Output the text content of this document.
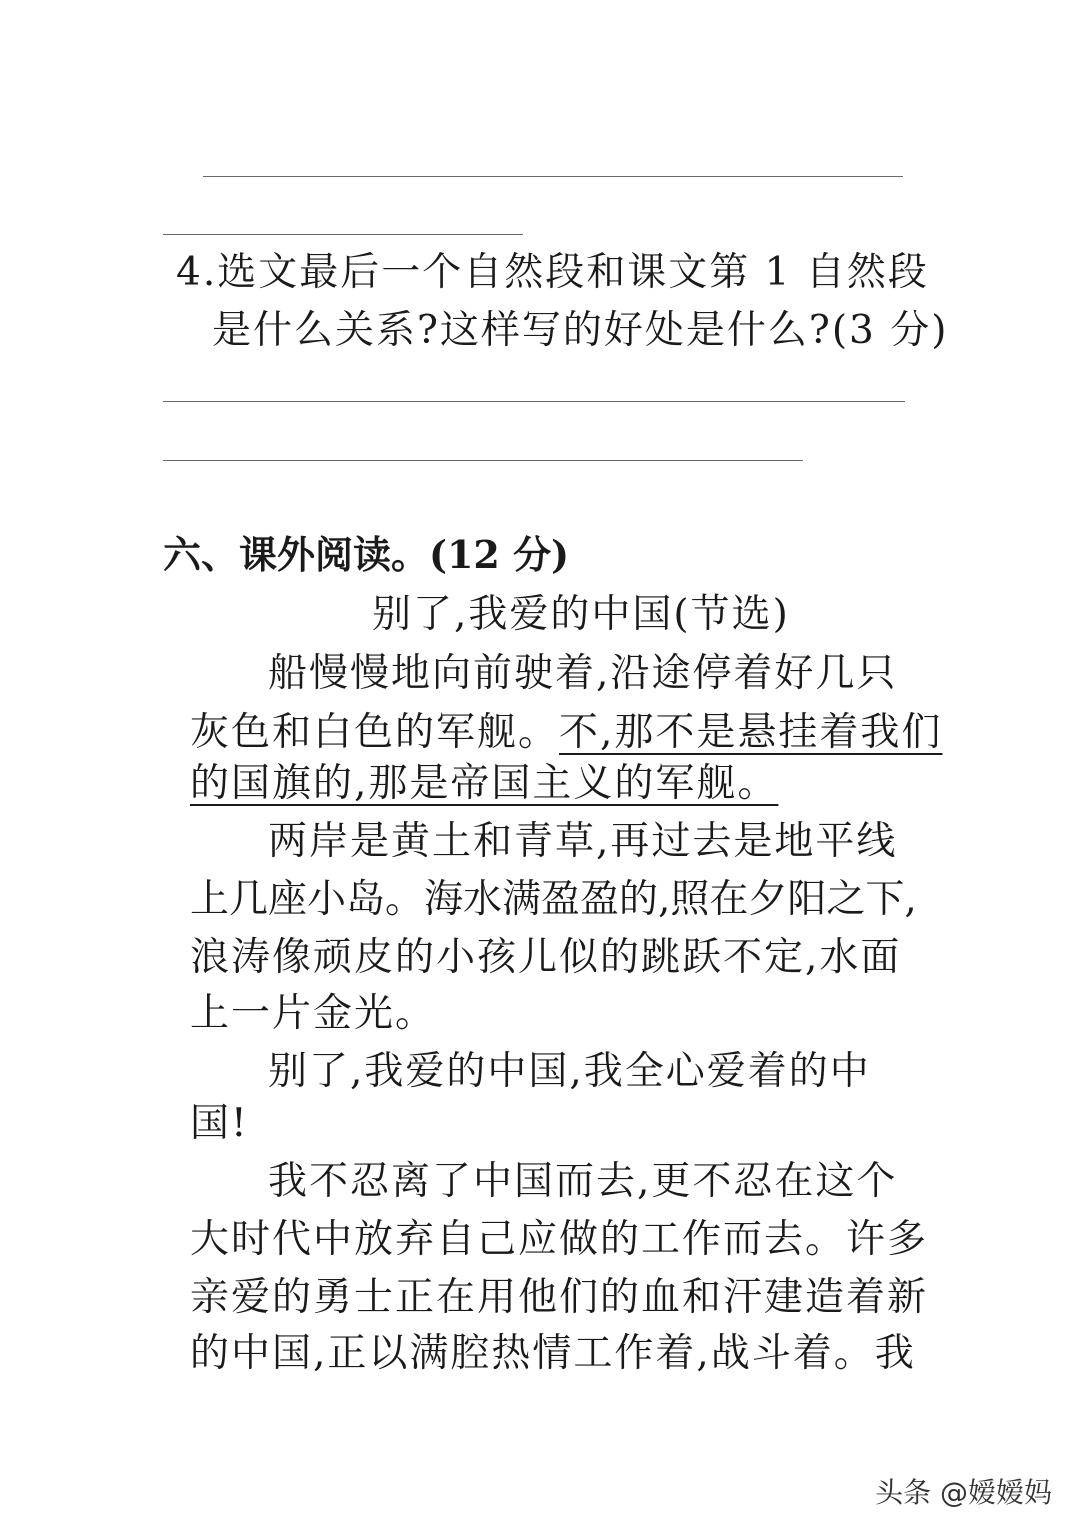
4.选文最后一个自然段和课文第 1 自然段
是什么关系?这样写的好处是什么?(3 分)
六、课外阅读。(12 分)
别了,我爱的中国(节选)
船慢慢地向前驶着,沿途停着好几只
灰色和白色的军舰。不,那不是悬挂着我们
的国旗的,那是帝国主义的军舰。
两岸是黄土和青草,再过去是地平线
上几座小岛。海水满盈盈的,照在夕阳之下,
浪涛像顽皮的小孩儿似的跳跃不定,水面
上一片金光。
别了,我爱的中国,我全心爱着的中
国!
我不忍离了中国而去,更不忍在这个
大时代中放弃自己应做的工作而去。许多
亲爱的勇士正在用他们的血和汗建造着新
的中国,正以满腔热情工作着,战斗着。我
头条 @嫒嫒妈
